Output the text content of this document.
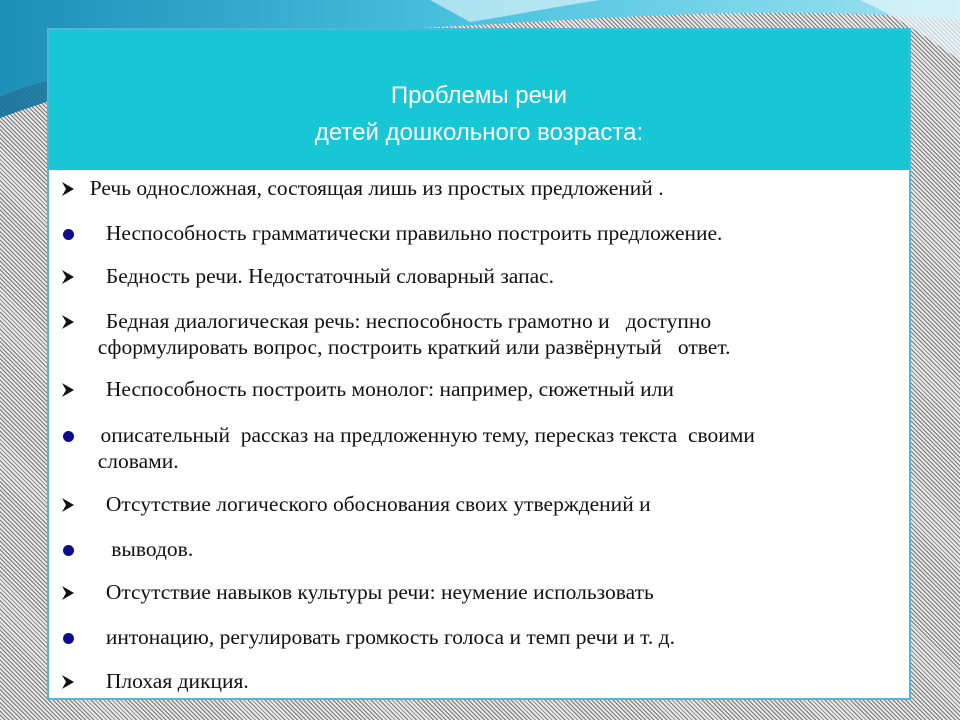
Проблемы речи
детей дошкольного возраста:
Речь односложная, состоящая лишь из простых предложений .
Неспособность грамматически правильно построить предложение.
Бедность речи. Недостаточный словарный запас.
Бедная диалогическая речь: неспособность грамотно и   доступно
сформулировать вопрос, построить краткий или развёрнутый   ответ.
Неспособность построить монолог: например, сюжетный или
описательный  рассказ на предложенную тему, пересказ текста  своими
словами.
Отсутствие логического обоснования своих утверждений и
выводов.
Отсутствие навыков культуры речи: неумение использовать
интонацию, регулировать громкость голоса и темп речи и т. д.
Плохая дикция.
